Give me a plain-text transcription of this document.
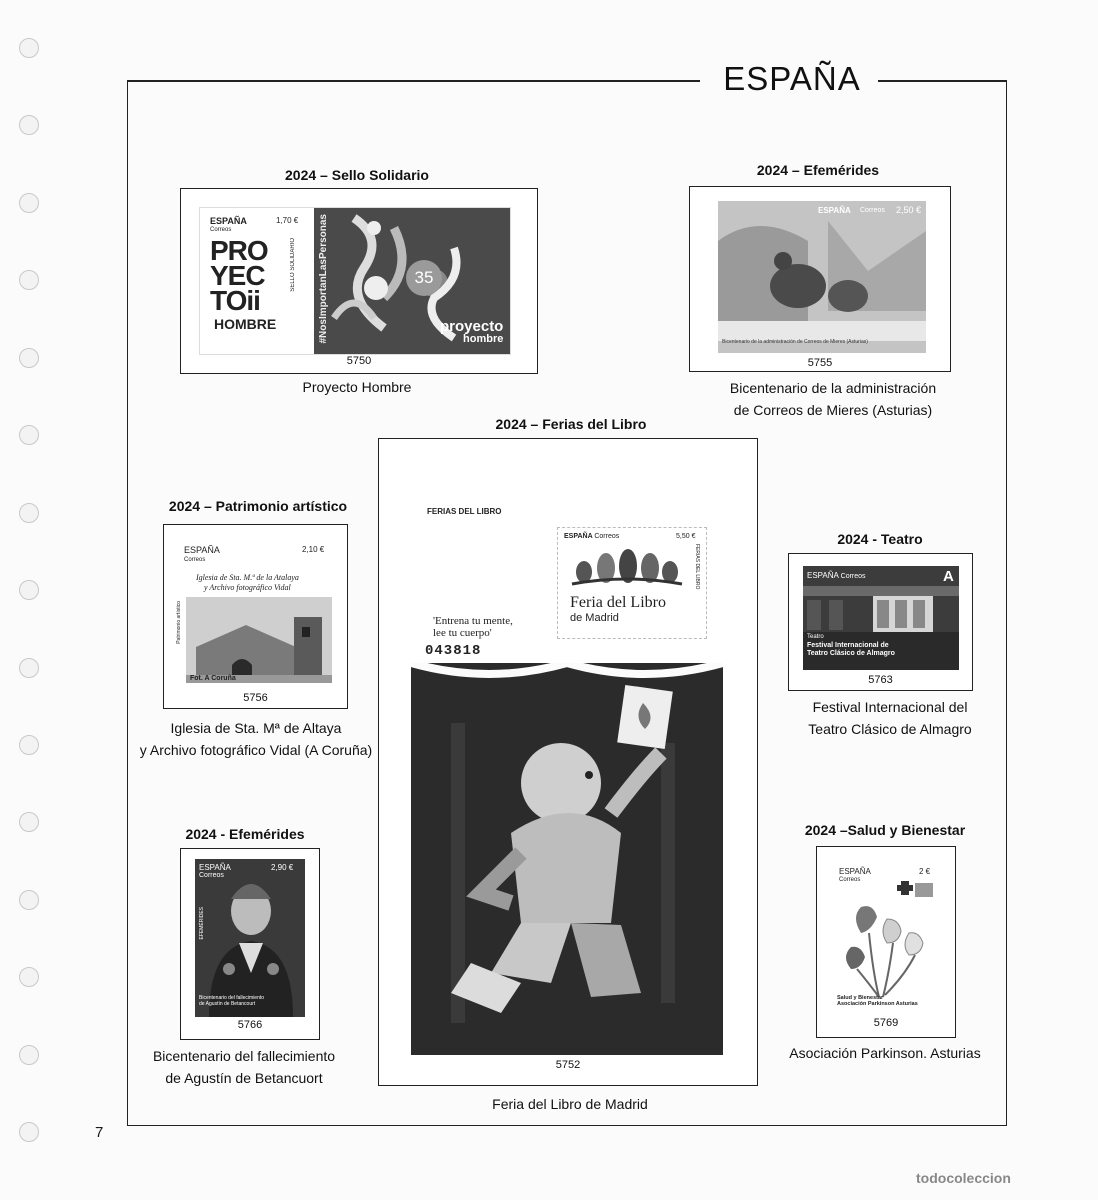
ESPAÑA
2024 – Sello Solidario
ESPAÑA
Correos
1,70 €
PRO
YEC
TOii
HOMBRE
SELLO SOLIDARIO #NosImportanLasPersonas	35
proyecto
hombre
5750
Proyecto Hombre
2024 – Efemérides
ESPAÑA Correos 2,50 €
Bicentenario de la administración de Correos de Mieres (Asturias)
5755
Bicentenario de la administración
de Correos de Mieres (Asturias)
2024 – Ferias del Libro
FERIAS DEL LIBRO
ESPAÑA Correos	5,50 €
FERIAS DEL LIBRO
Feria del Libro
de Madrid
'Entrena tu mente,
lee tu cuerpo'
043818
5752
Feria del Libro de Madrid
2024 – Patrimonio artístico
ESPAÑA
Correos
2,10 €
Iglesia de Sta. M.ª de la Atalaya
y Archivo fotográfico Vidal
Patrimonio artístico
Fot. A Coruña
5756
Iglesia de Sta. Mª de Altaya
y Archivo fotográfico Vidal (A Coruña)
2024 - Teatro
ESPAÑA Correos	A
Teatro
Festival Internacional de
Teatro Clásico de Almagro
5763
Festival Internacional del
Teatro Clásico de Almagro
2024 - Efemérides
ESPAÑA
Correos
2,90 €
EFEMÉRIDES
Bicentenario del fallecimiento
de Agustín de Betancourt
5766
Bicentenario del fallecimiento
de Agustín de Betancuort
2024 –Salud y Bienestar
ESPAÑA
Correos
2 €
Salud y Bienestar
Asociación Parkinson Asturias
5769
Asociación Parkinson. Asturias
7
todocoleccion
